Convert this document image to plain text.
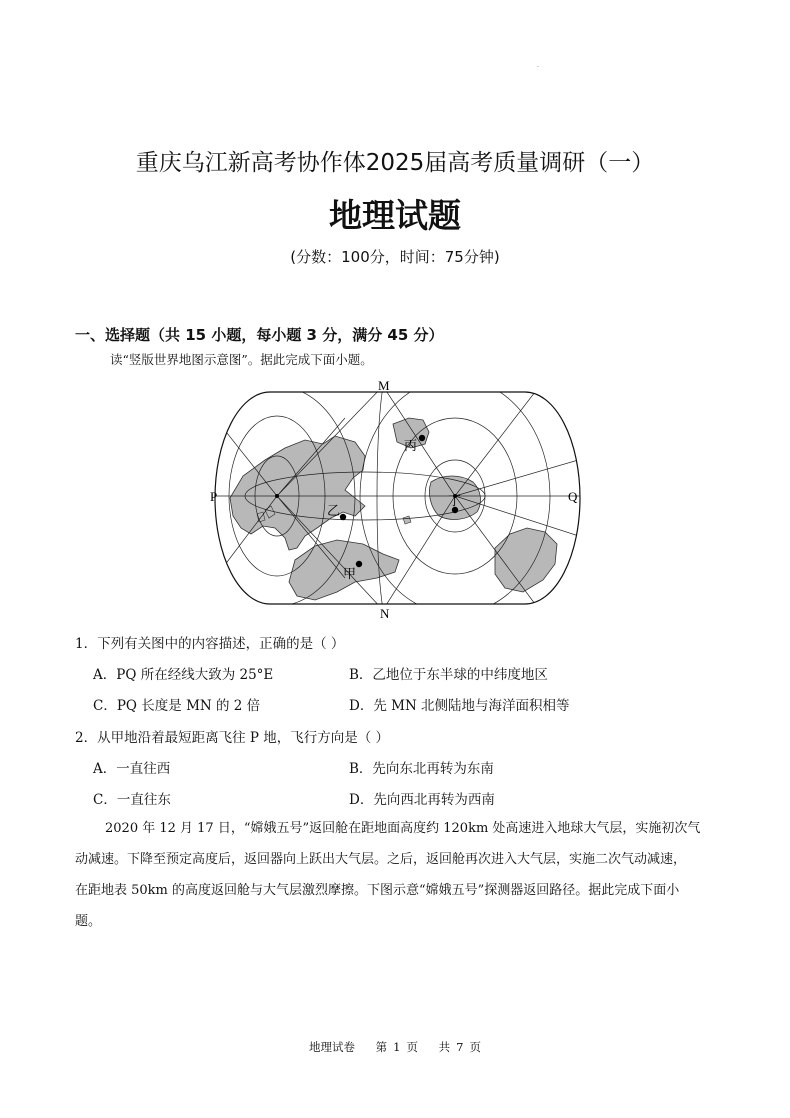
·
重庆乌江新高考协作体2025届高考质量调研（一）
地理试题
(分数：100分，时间：75分钟)
一、选择题（共 15 小题，每小题 3 分，满分 45 分）
读“竖版世界地图示意图”。据此完成下面小题。
M
N
P	Q
甲
乙
丙
丁
1．下列有关图中的内容描述，正确的是（ ）
A．PQ 所在经线大致为 25°E	B．乙地位于东半球的中纬度地区
C．PQ 长度是 MN 的 2 倍	D．先 MN 北侧陆地与海洋面积相等
2．从甲地沿着最短距离飞往 P 地，飞行方向是（ ）
A．一直往西	B．先向东北再转为东南
C．一直往东	D．先向西北再转为西南
2020 年 12 月 17 日，“嫦娥五号”返回舱在距地面高度约 120km 处高速进入地球大气层，实施初次气
动减速。下降至预定高度后，返回器向上跃出大气层。之后，返回舱再次进入大气层，实施二次气动减速，
在距地表 50km 的高度返回舱与大气层激烈摩擦。下图示意“嫦娥五号”探测器返回路径。据此完成下面小
题。
地理试卷 第 1 页 共 7 页
